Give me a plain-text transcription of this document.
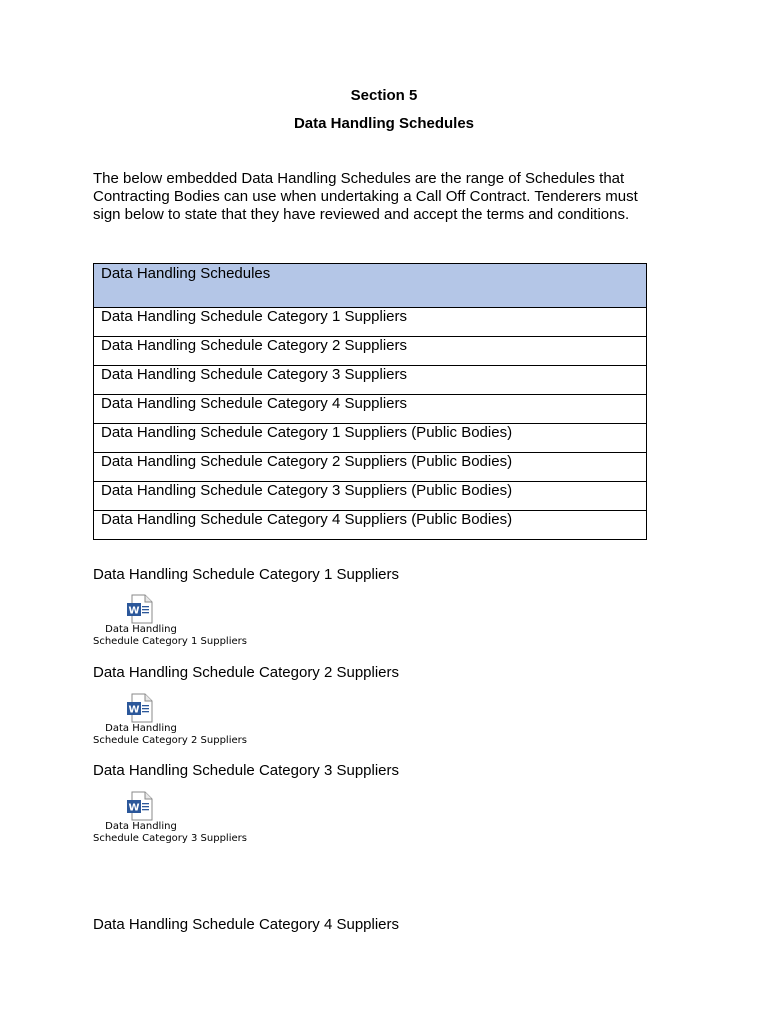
Section 5
Data Handling Schedules
The below embedded Data Handling Schedules are the range of Schedules that Contracting Bodies can use when undertaking a Call Off Contract. Tenderers must sign below to state that they have reviewed and accept the terms and conditions.
Data Handling Schedules
Data Handling Schedule Category 1 Suppliers
Data Handling Schedule Category 2 Suppliers
Data Handling Schedule Category 3 Suppliers
Data Handling Schedule Category 4 Suppliers
Data Handling Schedule Category 1 Suppliers (Public Bodies)
Data Handling Schedule Category 2 Suppliers (Public Bodies)
Data Handling Schedule Category 3 Suppliers (Public Bodies)
Data Handling Schedule Category 4 Suppliers (Public Bodies)
Data Handling Schedule Category 1 Suppliers
W
Data Handling
Schedule Category 1 Suppliers
Data Handling Schedule Category 2 Suppliers
W
Data Handling
Schedule Category 2 Suppliers
Data Handling Schedule Category 3 Suppliers
W
Data Handling
Schedule Category 3 Suppliers
Data Handling Schedule Category 4 Suppliers
